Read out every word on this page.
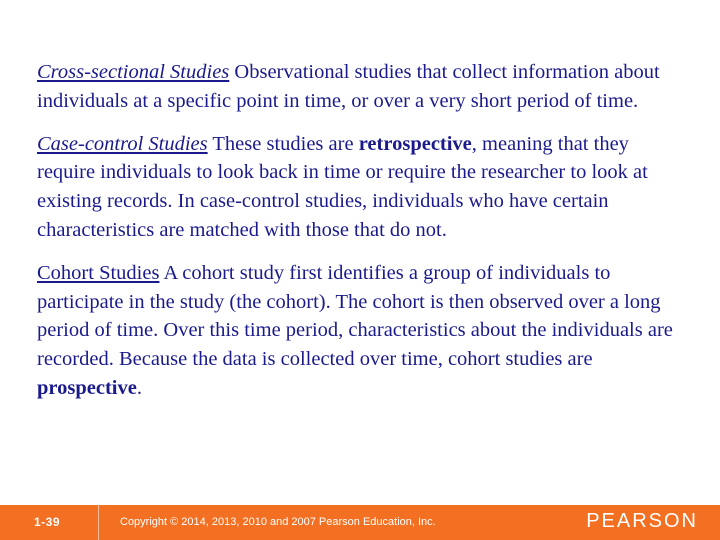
Cross-sectional Studies Observational studies that collect information about individuals at a specific point in time, or over a very short period of time.

Case-control Studies These studies are retrospective, meaning that they require individuals to look back in time or require the researcher to look at existing records. In case-control studies, individuals who have certain characteristics are matched with those that do not.

Cohort Studies A cohort study first identifies a group of individuals to participate in the study (the cohort). The cohort is then observed over a long period of time. Over this time period, characteristics about the individuals are recorded. Because the data is collected over time, cohort studies are prospective.

1-39	Copyright © 2014, 2013, 2010 and 2007 Pearson Education, Inc.	PEARSON
